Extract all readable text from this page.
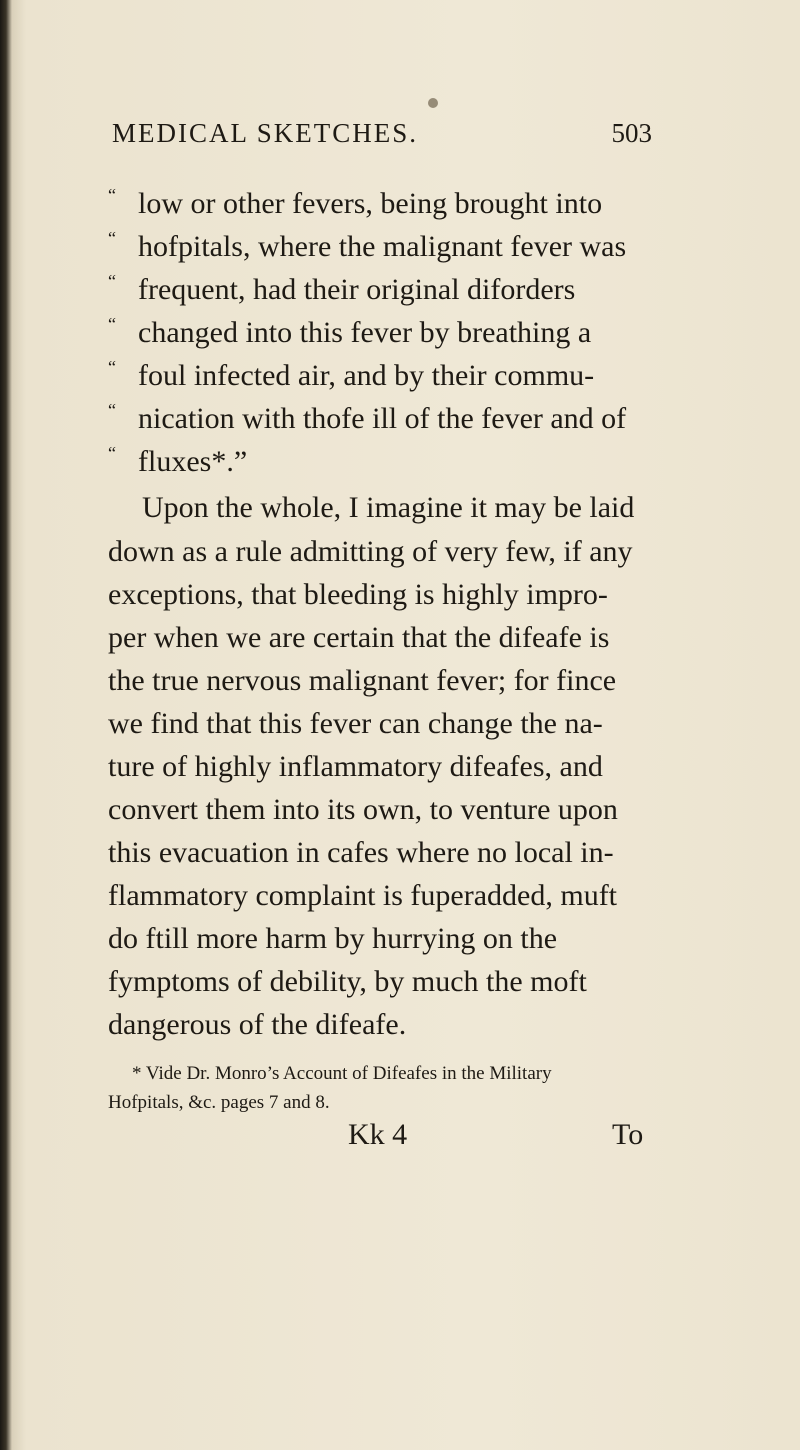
MEDICAL SKETCHES.	503
“ low or other fevers, being brought into
“ hofpitals, where the malignant fever was
“ frequent, had their original diforders
“ changed into this fever by breathing a
“ foul infected air, and by their commu-
“ nication with thofe ill of the fever and of
“ fluxes*.”
Upon the whole, I imagine it may be laid
down as a rule admitting of very few, if any
exceptions, that bleeding is highly impro-
per when we are certain that the difeafe is
the true nervous malignant fever; for fince
we find that this fever can change the na-
ture of highly inflammatory difeafes, and
convert them into its own, to venture upon
this evacuation in cafes where no local in-
flammatory complaint is fuperadded, muft
do ftill more harm by hurrying on the
fymptoms of debility, by much the moft
dangerous of the difeafe.
* Vide Dr. Monro’s Account of Difeafes in the Military
Hofpitals, &c. pages 7 and 8.
Kk 4	To
